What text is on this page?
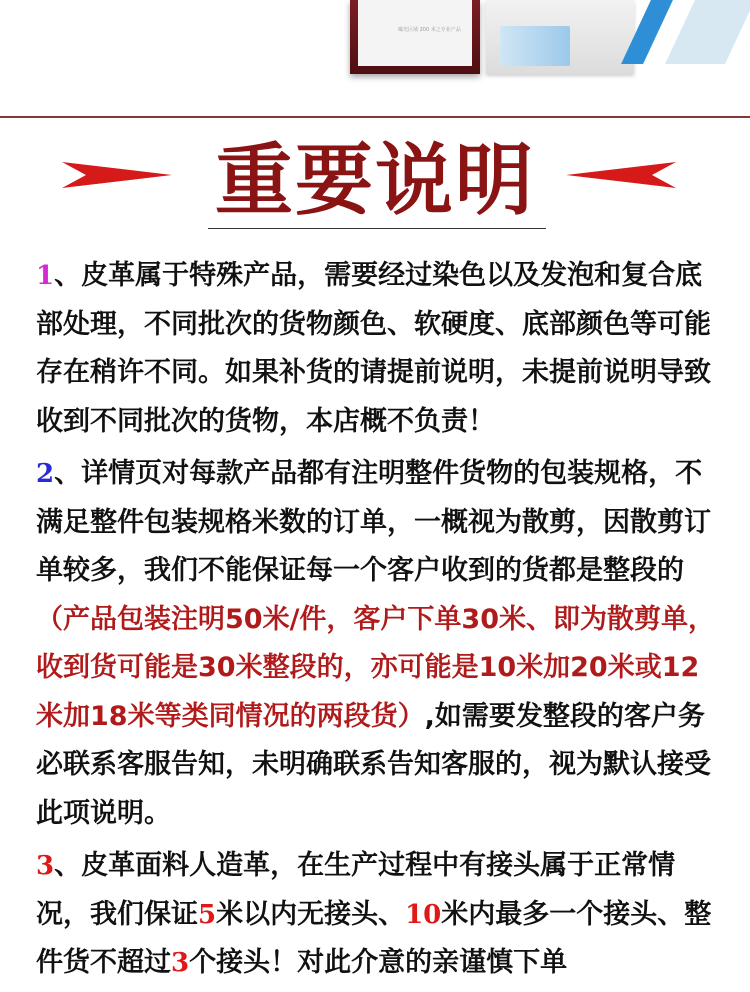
曝光区域 200 米之专业产品
重要说明

1、皮革属于特殊产品，需要经过染色以及发泡和复合底部处理，不同批次的货物颜色、软硬度、底部颜色等可能存在稍许不同。如果补货的请提前说明，未提前说明导致收到不同批次的货物，本店概不负责！

2、详情页对每款产品都有注明整件货物的包装规格，不满足整件包装规格米数的订单，一概视为散剪，因散剪订单较多，我们不能保证每一个客户收到的货都是整段的（产品包装注明50米/件，客户下单30米、即为散剪单，收到货可能是30米整段的，亦可能是10米加20米或12米加18米等类同情况的两段货）,如需要发整段的客户务必联系客服告知，未明确联系告知客服的，视为默认接受此项说明。

3、皮革面料人造革，在生产过程中有接头属于正常情况，我们保证5米以内无接头、10米内最多一个接头、整件货不超过3个接头！对此介意的亲谨慎下单
